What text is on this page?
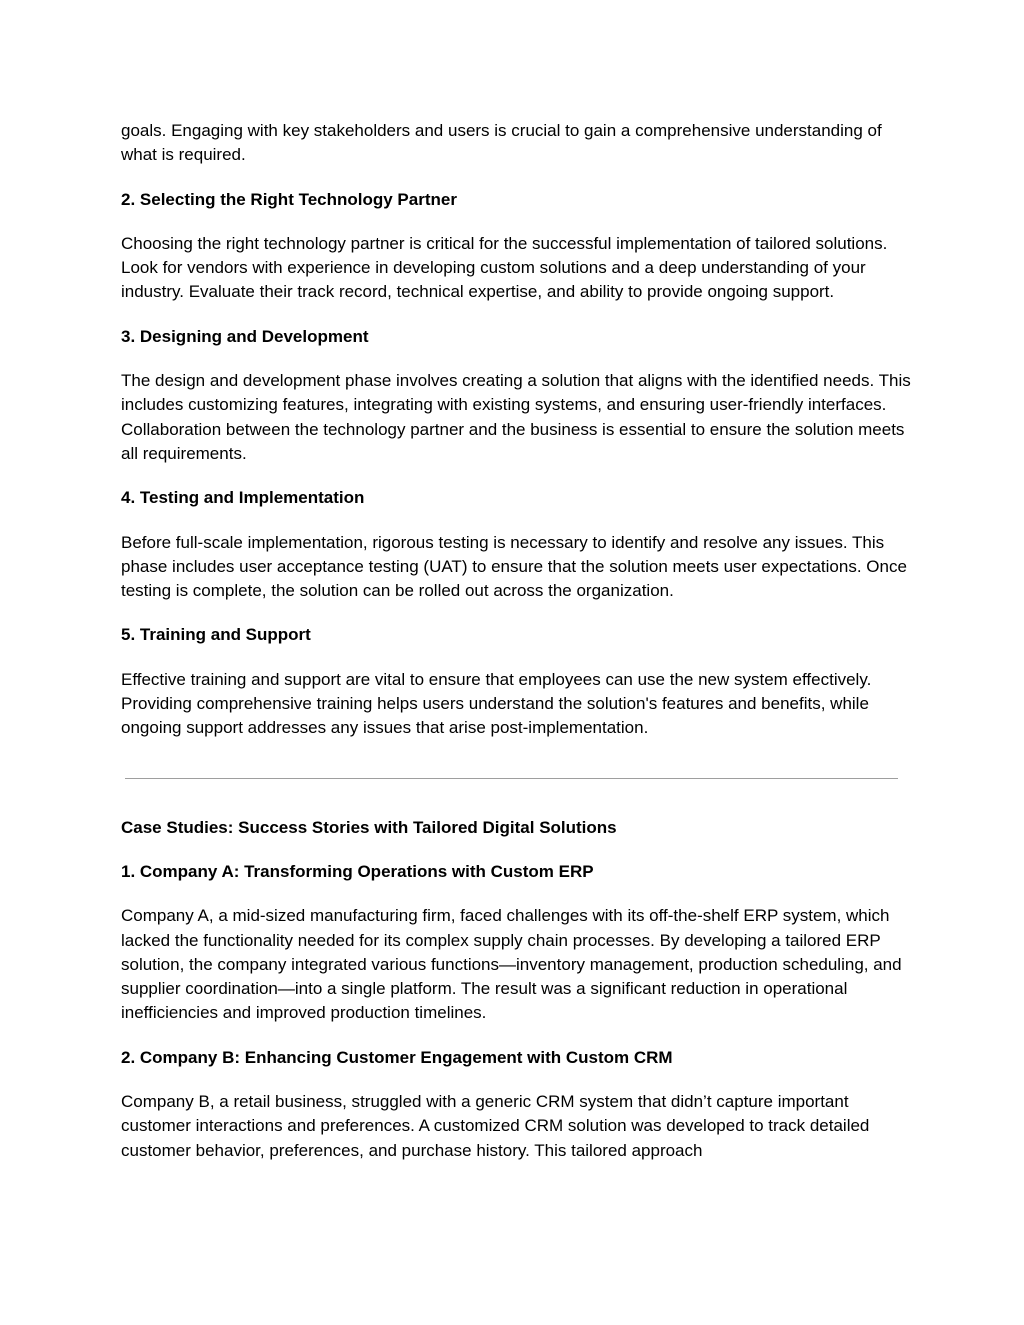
goals. Engaging with key stakeholders and users is crucial to gain a comprehensive understanding of what is required.

2. Selecting the Right Technology Partner

Choosing the right technology partner is critical for the successful implementation of tailored solutions. Look for vendors with experience in developing custom solutions and a deep understanding of your industry. Evaluate their track record, technical expertise, and ability to provide ongoing support.

3. Designing and Development

The design and development phase involves creating a solution that aligns with the identified needs. This includes customizing features, integrating with existing systems, and ensuring user-friendly interfaces. Collaboration between the technology partner and the business is essential to ensure the solution meets all requirements.

4. Testing and Implementation

Before full-scale implementation, rigorous testing is necessary to identify and resolve any issues. This phase includes user acceptance testing (UAT) to ensure that the solution meets user expectations. Once testing is complete, the solution can be rolled out across the organization.

5. Training and Support

Effective training and support are vital to ensure that employees can use the new system effectively. Providing comprehensive training helps users understand the solution's features and benefits, while ongoing support addresses any issues that arise post-implementation.

Case Studies: Success Stories with Tailored Digital Solutions

1. Company A: Transforming Operations with Custom ERP

Company A, a mid-sized manufacturing firm, faced challenges with its off-the-shelf ERP system, which lacked the functionality needed for its complex supply chain processes. By developing a tailored ERP solution, the company integrated various functions—inventory management, production scheduling, and supplier coordination—into a single platform. The result was a significant reduction in operational inefficiencies and improved production timelines.

2. Company B: Enhancing Customer Engagement with Custom CRM

Company B, a retail business, struggled with a generic CRM system that didn’t capture important customer interactions and preferences. A customized CRM solution was developed to track detailed customer behavior, preferences, and purchase history. This tailored approach
